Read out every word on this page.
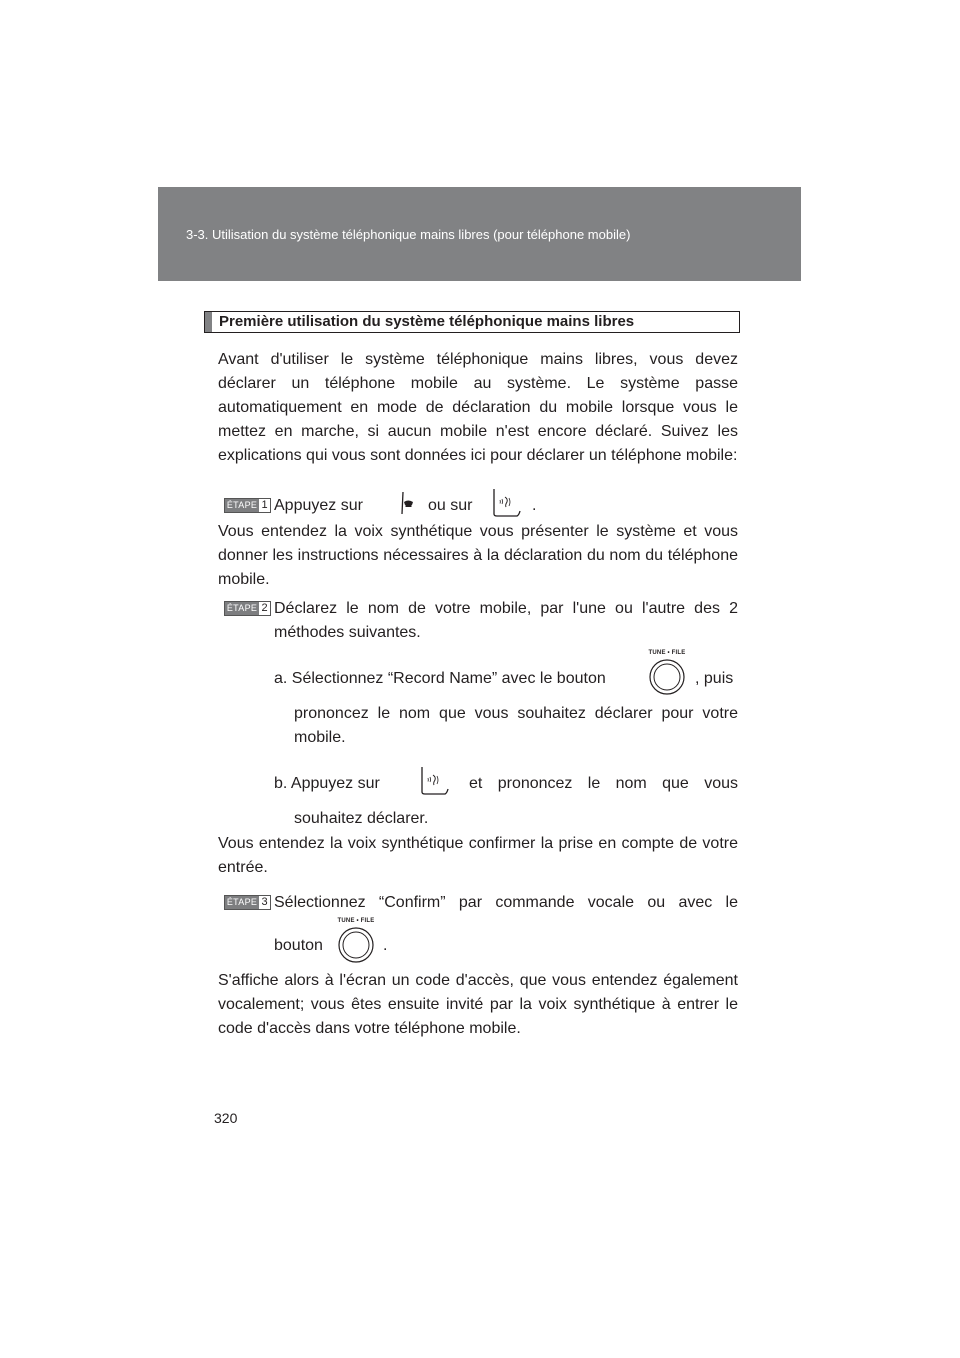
3-3. Utilisation du système téléphonique mains libres (pour téléphone mobile)
Première utilisation du système téléphonique mains libres

Avant d'utiliser le système téléphonique mains libres, vous devez déclarer un téléphone mobile au système. Le système passe automatiquement en mode de déclaration du mobile lorsque vous le mettez en marche, si aucun mobile n'est encore déclaré. Suivez les explications qui vous sont données ici pour déclarer un téléphone mobile:

ÉTAPE 1 Appuyez sur	ou sur	.

Vous entendez la voix synthétique vous présenter le système et vous donner les instructions nécessaires à la déclaration du nom du téléphone mobile.

ÉTAPE 2 Déclarez le nom de votre mobile, par l'une ou l'autre des 2
méthodes suivantes.
a. Sélectionnez “Record Name” avec le bouton
TUNE • FILE
, puis
prononcez le nom que vous souhaitez déclarer pour votre
mobile.
b. Appuyez sur	et prononcez le nom que vous
souhaitez déclarer.

Vous entendez la voix synthétique confirmer la prise en compte de votre entrée.

ÉTAPE 3 Sélectionnez “Confirm” par commande vocale ou avec le
bouton
TUNE • FILE
.

S'affiche alors à l'écran un code d'accès, que vous entendez également vocalement; vous êtes ensuite invité par la voix synthétique à entrer le code d'accès dans votre téléphone mobile.

320
